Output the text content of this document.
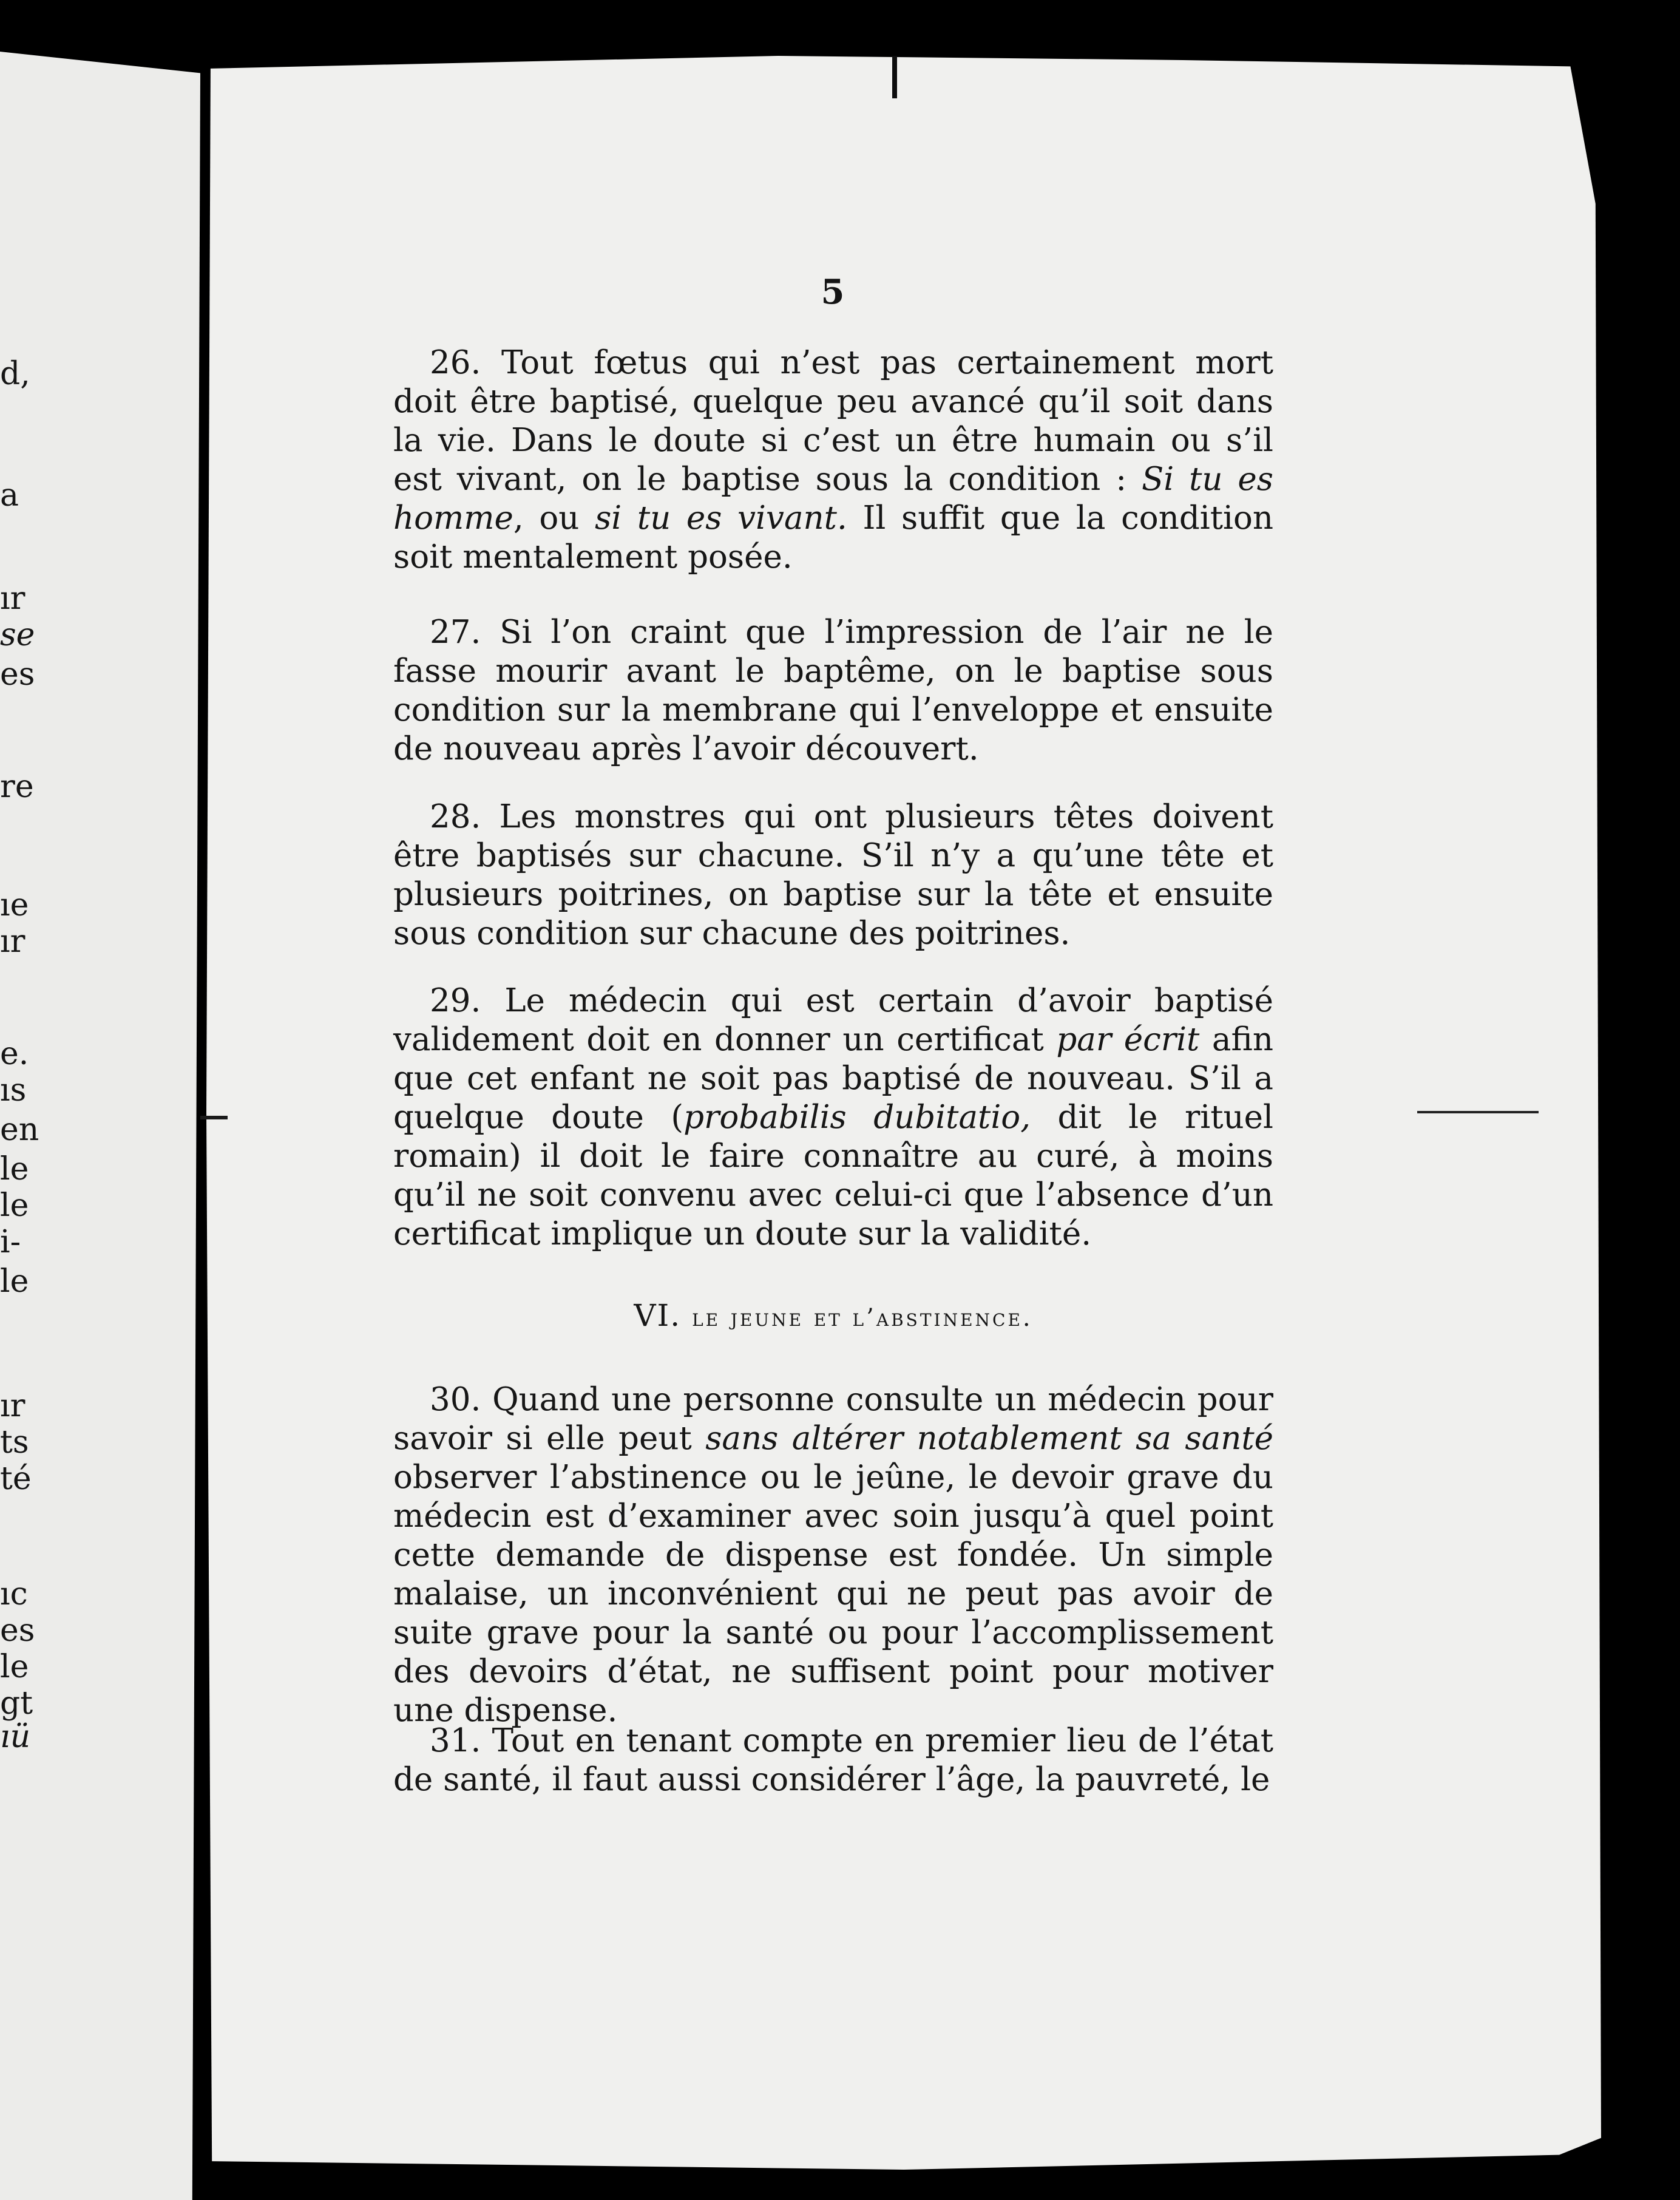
d,
a
ır
se
es
re
ıe
ır
e.
ıs
en
le
le
i-
le
ır
ts
té
ıc
es
le
gt
ıü
5

26. Tout fœtus qui n’est pas certainement mort doit être baptisé, quelque peu avancé qu’il soit dans la vie. Dans le doute si c’est un être humain ou s’il est vivant, on le baptise sous la condition : Si tu es homme, ou si tu es vivant. Il suffit que la condition soit mentalement posée.

27. Si l’on craint que l’impression de l’air ne le fasse mourir avant le baptême, on le baptise sous condition sur la membrane qui l’enveloppe et ensuite de nouveau après l’avoir découvert.

28. Les monstres qui ont plusieurs têtes doivent être baptisés sur chacune. S’il n’y a qu’une tête et plusieurs poitrines, on baptise sur la tête et ensuite sous condition sur chacune des poitrines.

29. Le médecin qui est certain d’avoir baptisé validement doit en donner un certificat par écrit afin que cet enfant ne soit pas baptisé de nouveau. S’il a quelque doute (probabilis dubitatio, dit le rituel romain) il doit le faire connaître au curé, à moins qu’il ne soit convenu avec celui-ci que l’absence d’un certificat implique un doute sur la validité.

VI. le jeune et l’abstinence.

30. Quand une personne consulte un médecin pour savoir si elle peut sans altérer notablement sa santé observer l’abstinence ou le jeûne, le devoir grave du médecin est d’examiner avec soin jusqu’à quel point cette demande de dispense est fondée. Un simple malaise, un inconvénient qui ne peut pas avoir de suite grave pour la santé ou pour l’accomplissement des devoirs d’état, ne suffisent point pour motiver une dispense.

31. Tout en tenant compte en premier lieu de l’état de santé, il faut aussi considérer l’âge, la pauvreté, le
